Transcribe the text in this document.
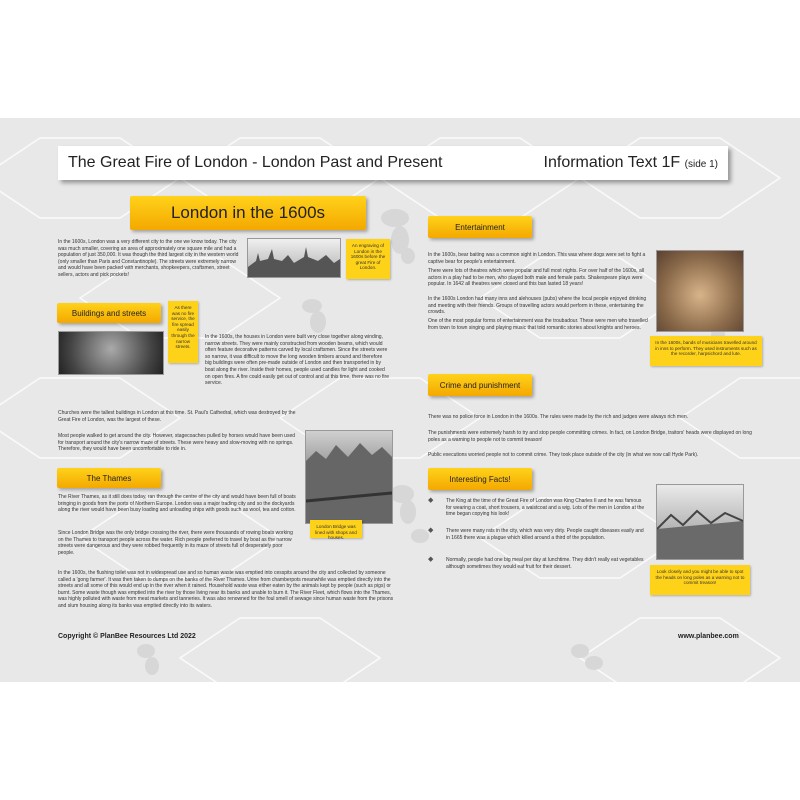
The Great Fire of London - London Past and Present	Information Text 1F (side 1)
London in the 1600s

In the 1600s, London was a very different city to the one we know today. The city was much smaller, covering an area of approximately one square mile and had a population of just 350,000. It was though the third largest city in the western world (only smaller than Paris and Constantinople). The streets were extremely narrow and would have been packed with merchants, shopkeepers, craftsmen, street sellers, actors and pick pockets!

An engraving of London in the 1600s before the great Fire of London.
Buildings and streets
As there was no fire service, the fire spread easily through the narrow streets.

In the 1600s, the houses in London were built very close together along winding, narrow streets. They were mainly constructed from wooden beams, which would often feature decorative patterns carved by local craftsmen. Since the streets were so narrow, it was difficult to move the long wooden timbers around and therefore big buildings were often pre-made outside of London and then transported in by boat along the river. Inside their homes, people used candles for light and cooked on open fires. A fire could easily get out of control and at this time, there was no fire service.

Churches were the tallest buildings in London at this time. St. Paul's Cathedral, which was destroyed by the Great Fire of London, was the largest of these.

Most people walked to get around the city. However, stagecoaches pulled by horses would have been used for transport around the city's narrow maze of streets. These were heavy and slow-moving with no springs. Therefore, they would have been uncomfortable to ride in.

The Thames
London Bridge was lined with shops and houses.

The River Thames, as it still does today, ran through the centre of the city and would have been full of boats bringing in goods from the ports of Northern Europe. London was a major trading city and so the dockyards along the river would have been busy loading and unloading ships with goods such as wool, tea and cotton.

Since London Bridge was the only bridge crossing the river, there were thousands of rowing boats working on the Thames to transport people across the water. Rich people preferred to travel by boat as the narrow streets were dangerous and they were robbed frequently in its maze of streets full of desperately poor people.

In the 1600s, the flushing toilet was not in widespread use and so human waste was emptied into cesspits around the city and collected by someone called a 'gong farmer'. It was then taken to dumps on the banks of the River Thames. Urine from chamberpots meanwhile was emptied directly into the streets and all some of this would end up in the river when it rained. Household waste was either eaten by the animals kept by people (such as pigs) or burnt. Some waste though was emptied into the river by those living near its banks and unable to burn it. The River Fleet, which flows into the Thames, was highly polluted with waste from meat markets and tanneries. It was also renowned for the foul smell of sewage since human waste from the prisons and slum housing along its banks was emptied directly into its waters.

Entertainment

In the 1600s, bear baiting was a common sight in London. This was where dogs were set to fight a captive bear for people's entertainment.

There were lots of theatres which were popular and full most nights. For over half of the 1600s, all actors in a play had to be men, who played both male and female parts. Shakespeare plays were popular. In 1642 all theatres were closed and this ban lasted 18 years!

In the 1600s London had many inns and alehouses (pubs) where the local people enjoyed drinking and meeting with their friends. Groups of travelling actors would perform in these, entertaining the crowds.

One of the most popular forms of entertainment was the troubadour. These were men who travelled from town to town singing and playing music that told romantic stories about knights and heroes.

In the 1600s, bands of musicians travelled around in inns to perform. They used instruments such as the recorder, harpsichord and lute.
Crime and punishment

There was no police force in London in the 1600s. The rules were made by the rich and judges were always rich men.

The punishments were extremely harsh to try and stop people committing crimes. In fact, on London Bridge, traitors' heads were displayed on long poles as a warning to people not to commit treason!

Public executions worried people not to commit crime. They took place outside of the city (in what we now call Hyde Park).

Interesting Facts!
◆	The King at the time of the Great Fire of London was King Charles II and he was famous for wearing a coat, short trousers, a waistcoat and a wig. Lots of the men in London at the time began copying his look!

◆	There were many rats in the city, which was very dirty. People caught diseases easily and in 1665 there was a plague which killed around a third of the population.

◆	Normally, people had one big meal per day at lunchtime. They didn't really eat vegetables although sometimes they would eat fruit for their dessert.

Look closely and you might be able to spot the heads on long poles as a warning not to commit treason!
Copyright © PlanBee Resources Ltd 2022	www.planbee.com
